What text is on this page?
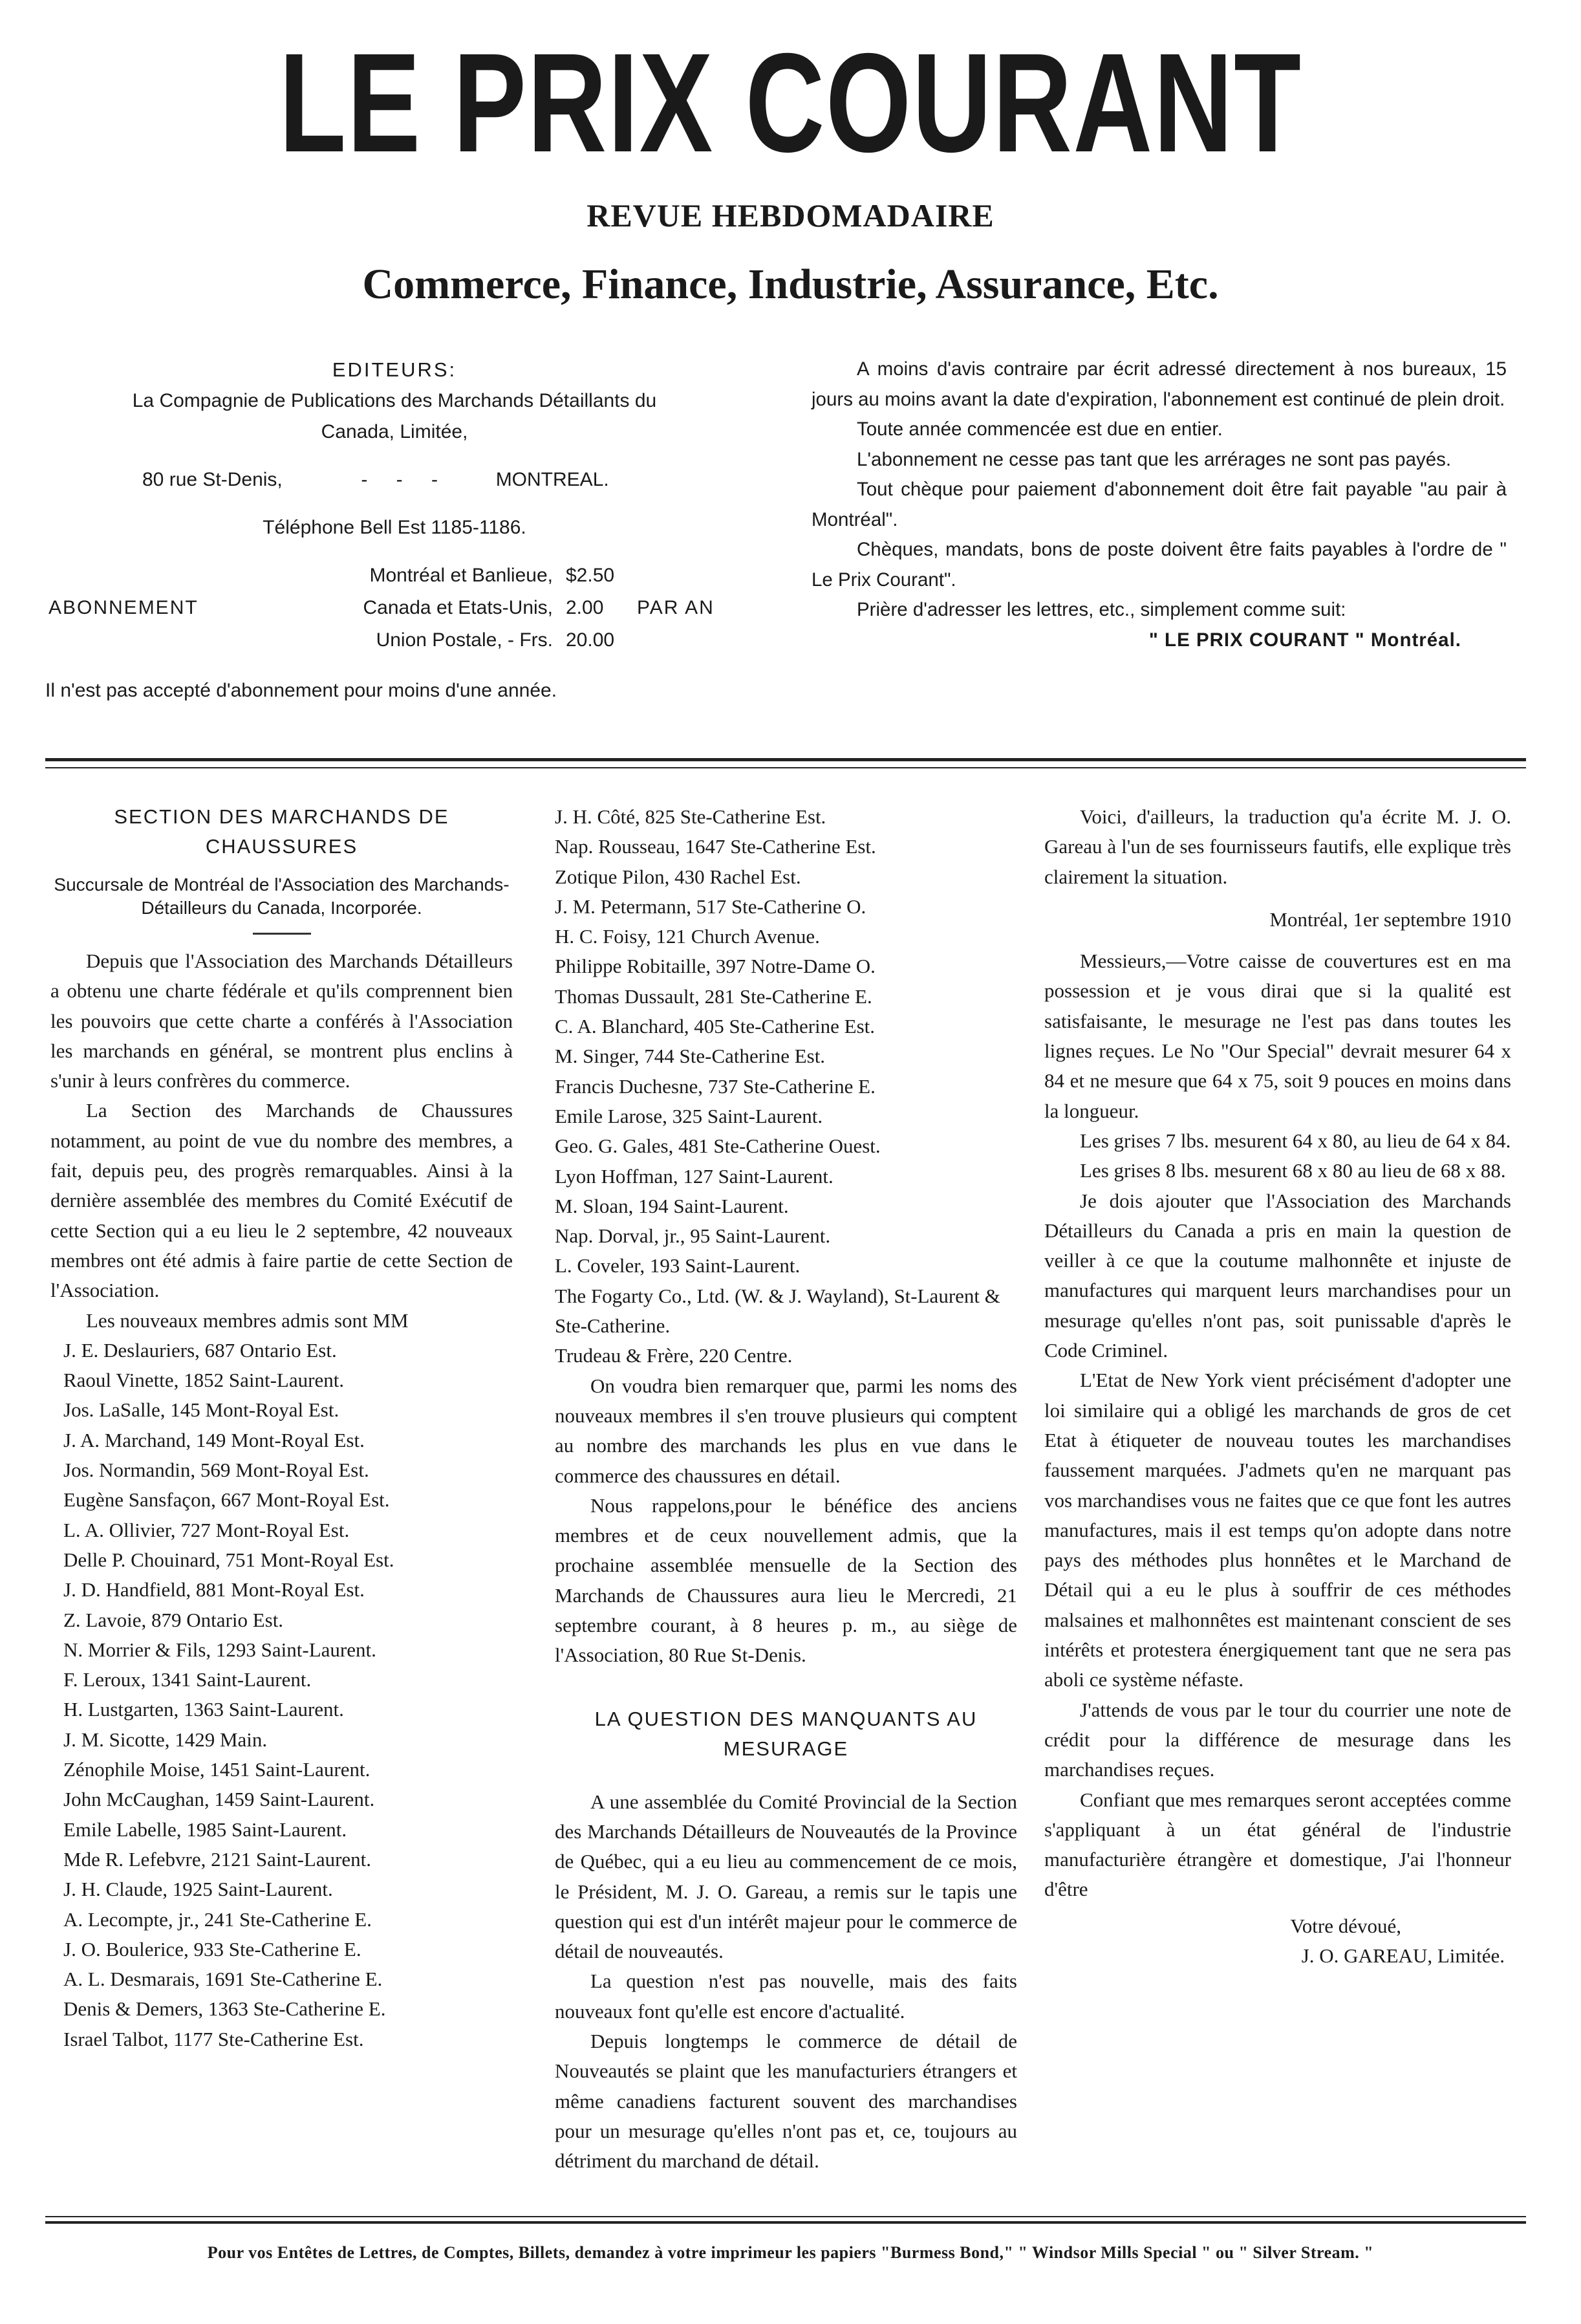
LE PRIX COURANT
REVUE HEBDOMADAIRE
Commerce, Finance, Industrie, Assurance, Etc.
EDITEURS:
La Compagnie de Publications des Marchands Détaillants du
Canada, Limitée,
80 rue St-Denis,	- - - MONTREAL.
Téléphone Bell Est 1185-1186.
ABONNEMENT
Montréal et Banlieue, $2.50
Canada et Etats-Unis, 2.00
Union Postale, - Frs. 20.00
PAR AN
Il n'est pas accepté d'abonnement pour moins d'une année.

A moins d'avis contraire par écrit adressé directement à nos bureaux, 15 jours au moins avant la date d'expiration, l'abonnement est continué de plein droit.

Toute année commencée est due en entier.

L'abonnement ne cesse pas tant que les arrérages ne sont pas payés.

Tout chèque pour paiement d'abonnement doit être fait payable "au pair à Montréal".

Chèques, mandats, bons de poste doivent être faits payables à l'ordre de " Le Prix Courant".

Prière d'adresser les lettres, etc., simplement comme suit:

" LE PRIX COURANT " Montréal.

SECTION DES MARCHANDS DE CHAUSSURES
Succursale de Montréal de l'Association des Marchands-Détailleurs du Canada, Incorporée.

Depuis que l'Association des Marchands Détailleurs a obtenu une charte fédérale et qu'ils comprennent bien les pouvoirs que cette charte a conférés à l'Association les marchands en général, se montrent plus enclins à s'unir à leurs confrères du commerce.

La Section des Marchands de Chaussures notamment, au point de vue du nombre des membres, a fait, depuis peu, des progrès remarquables. Ainsi à la dernière assemblée des membres du Comité Exécutif de cette Section qui a eu lieu le 2 septembre, 42 nouveaux membres ont été admis à faire partie de cette Section de l'Association.

Les nouveaux membres admis sont MM

J. E. Deslauriers, 687 Ontario Est.

Raoul Vinette, 1852 Saint-Laurent.

Jos. LaSalle, 145 Mont-Royal Est.

J. A. Marchand, 149 Mont-Royal Est.

Jos. Normandin, 569 Mont-Royal Est.

Eugène Sansfaçon, 667 Mont-Royal Est.

L. A. Ollivier, 727 Mont-Royal Est.

Delle P. Chouinard, 751 Mont-Royal Est.

J. D. Handfield, 881 Mont-Royal Est.

Z. Lavoie, 879 Ontario Est.

N. Morrier & Fils, 1293 Saint-Laurent.

F. Leroux, 1341 Saint-Laurent.

H. Lustgarten, 1363 Saint-Laurent.

J. M. Sicotte, 1429 Main.

Zénophile Moise, 1451 Saint-Laurent.

John McCaughan, 1459 Saint-Laurent.

Emile Labelle, 1985 Saint-Laurent.

Mde R. Lefebvre, 2121 Saint-Laurent.

J. H. Claude, 1925 Saint-Laurent.

A. Lecompte, jr., 241 Ste-Catherine E.

J. O. Boulerice, 933 Ste-Catherine E.

A. L. Desmarais, 1691 Ste-Catherine E.

Denis & Demers, 1363 Ste-Catherine E.

Israel Talbot, 1177 Ste-Catherine Est.

J. H. Côté, 825 Ste-Catherine Est.

Nap. Rousseau, 1647 Ste-Catherine Est.

Zotique Pilon, 430 Rachel Est.

J. M. Petermann, 517 Ste-Catherine O.

H. C. Foisy, 121 Church Avenue.

Philippe Robitaille, 397 Notre-Dame O.

Thomas Dussault, 281 Ste-Catherine E.

C. A. Blanchard, 405 Ste-Catherine Est.

M. Singer, 744 Ste-Catherine Est.

Francis Duchesne, 737 Ste-Catherine E.

Emile Larose, 325 Saint-Laurent.

Geo. G. Gales, 481 Ste-Catherine Ouest.

Lyon Hoffman, 127 Saint-Laurent.

M. Sloan, 194 Saint-Laurent.

Nap. Dorval, jr., 95 Saint-Laurent.

L. Coveler, 193 Saint-Laurent.

The Fogarty Co., Ltd. (W. & J. Wayland), St-Laurent & Ste-Catherine.

Trudeau & Frère, 220 Centre.

On voudra bien remarquer que, parmi les noms des nouveaux membres il s'en trouve plusieurs qui comptent au nombre des marchands les plus en vue dans le commerce des chaussures en détail.

Nous rappelons,pour le bénéfice des anciens membres et de ceux nouvellement admis, que la prochaine assemblée mensuelle de la Section des Marchands de Chaussures aura lieu le Mercredi, 21 septembre courant, à 8 heures p. m., au siège de l'Association, 80 Rue St-Denis.

LA QUESTION DES MANQUANTS AU MESURAGE

A une assemblée du Comité Provincial de la Section des Marchands Détailleurs de Nouveautés de la Province de Québec, qui a eu lieu au commencement de ce mois, le Président, M. J. O. Gareau, a remis sur le tapis une question qui est d'un intérêt majeur pour le commerce de détail de nouveautés.

La question n'est pas nouvelle, mais des faits nouveaux font qu'elle est encore d'actualité.

Depuis longtemps le commerce de détail de Nouveautés se plaint que les manufacturiers étrangers et même canadiens facturent souvent des marchandises pour un mesurage qu'elles n'ont pas et, ce, toujours au détriment du marchand de détail.

Voici, d'ailleurs, la traduction qu'a écrite M. J. O. Gareau à l'un de ses fournisseurs fautifs, elle explique très clairement la situation.

Montréal, 1er septembre 1910

Messieurs,—Votre caisse de couvertures est en ma possession et je vous dirai que si la qualité est satisfaisante, le mesurage ne l'est pas dans toutes les lignes reçues. Le No "Our Special" devrait mesurer 64 x 84 et ne mesure que 64 x 75, soit 9 pouces en moins dans la longueur.

Les grises 7 lbs. mesurent 64 x 80, au lieu de 64 x 84.

Les grises 8 lbs. mesurent 68 x 80 au lieu de 68 x 88.

Je dois ajouter que l'Association des Marchands Détailleurs du Canada a pris en main la question de veiller à ce que la coutume malhonnête et injuste de manufactures qui marquent leurs marchandises pour un mesurage qu'elles n'ont pas, soit punissable d'après le Code Criminel.

L'Etat de New York vient précisément d'adopter une loi similaire qui a obligé les marchands de gros de cet Etat à étiqueter de nouveau toutes les marchandises faussement marquées. J'admets qu'en ne marquant pas vos marchandises vous ne faites que ce que font les autres manufactures, mais il est temps qu'on adopte dans notre pays des méthodes plus honnêtes et le Marchand de Détail qui a eu le plus à souffrir de ces méthodes malsaines et malhonnêtes est maintenant conscient de ses intérêts et protestera énergiquement tant que ne sera pas aboli ce système néfaste.

J'attends de vous par le tour du courrier une note de crédit pour la différence de mesurage dans les marchandises reçues.

Confiant que mes remarques seront acceptées comme s'appliquant à un état général de l'industrie manufacturière étrangère et domestique, J'ai l'honneur d'être

Votre dévoué,

J. O. GAREAU, Limitée.

Pour vos Entêtes de Lettres, de Comptes, Billets, demandez à votre imprimeur les papiers "Burmess Bond," " Windsor Mills Special " ou " Silver Stream. "
